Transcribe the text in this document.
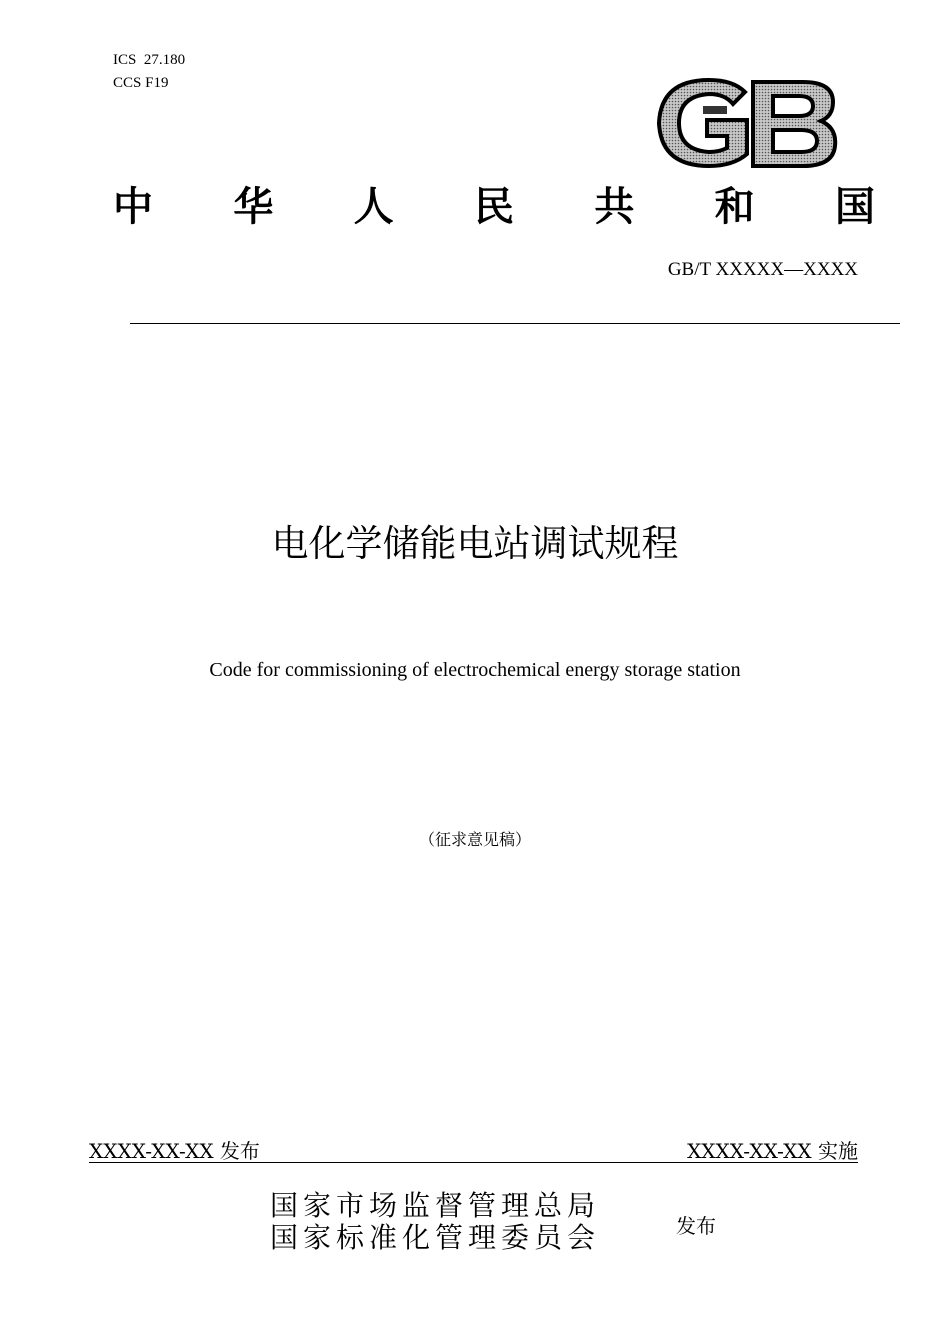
ICS  27.180
CCS F19
中 华 人 民 共 和 国
GB/T XXXXX—XXXX
电化学储能电站调试规程
Code for commissioning of electrochemical energy storage station
（征求意见稿）
XXXX-XX-XX 发布	XXXX-XX-XX 实施
国家市场监督管理总局
国家标准化管理委员会	发布
